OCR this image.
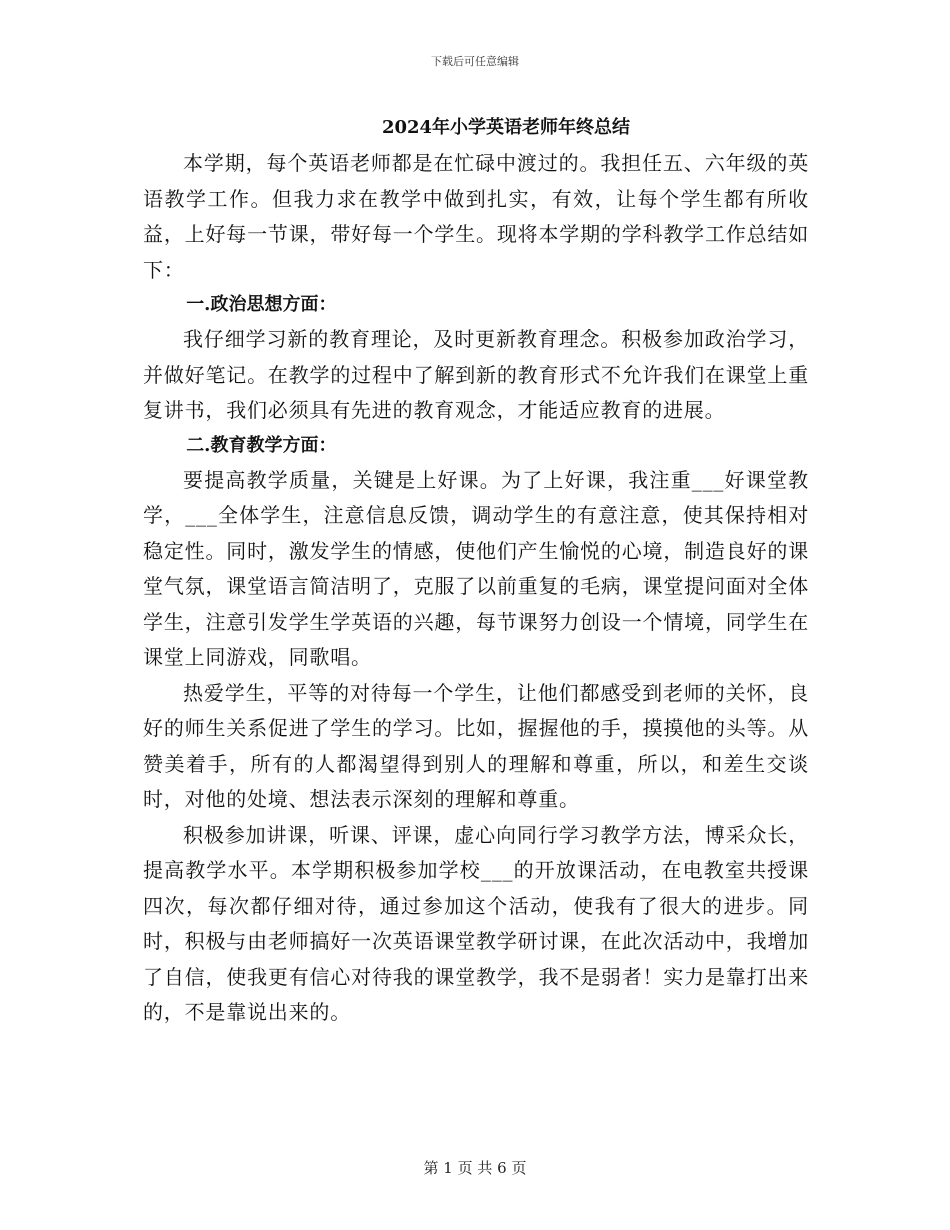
下载后可任意编辑
2024年小学英语老师年终总结

本学期，每个英语老师都是在忙碌中渡过的。我担任五、六年级的英语教学工作。但我力求在教学中做到扎实，有效，让每个学生都有所收益，上好每一节课，带好每一个学生。现将本学期的学科教学工作总结如下：

一.政治思想方面：

我仔细学习新的教育理论，及时更新教育理念。积极参加政治学习，并做好笔记。在教学的过程中了解到新的教育形式不允许我们在课堂上重复讲书，我们必须具有先进的教育观念，才能适应教育的进展。

二.教育教学方面：

要提高教学质量，关键是上好课。为了上好课，我注重___好课堂教学，___全体学生，注意信息反馈，调动学生的有意注意，使其保持相对稳定性。同时，激发学生的情感，使他们产生愉悦的心境，制造良好的课堂气氛，课堂语言简洁明了，克服了以前重复的毛病，课堂提问面对全体学生，注意引发学生学英语的兴趣，每节课努力创设一个情境，同学生在课堂上同游戏，同歌唱。

热爱学生，平等的对待每一个学生，让他们都感受到老师的关怀，良好的师生关系促进了学生的学习。比如，握握他的手，摸摸他的头等。从赞美着手，所有的人都渴望得到别人的理解和尊重，所以，和差生交谈时，对他的处境、想法表示深刻的理解和尊重。

积极参加讲课，听课、评课，虚心向同行学习教学方法，博采众长，提高教学水平。本学期积极参加学校___的开放课活动，在电教室共授课四次，每次都仔细对待，通过参加这个活动，使我有了很大的进步。同时，积极与由老师搞好一次英语课堂教学研讨课，在此次活动中，我增加了自信，使我更有信心对待我的课堂教学，我不是弱者！实力是靠打出来的，不是靠说出来的。

第 1 页 共 6 页
